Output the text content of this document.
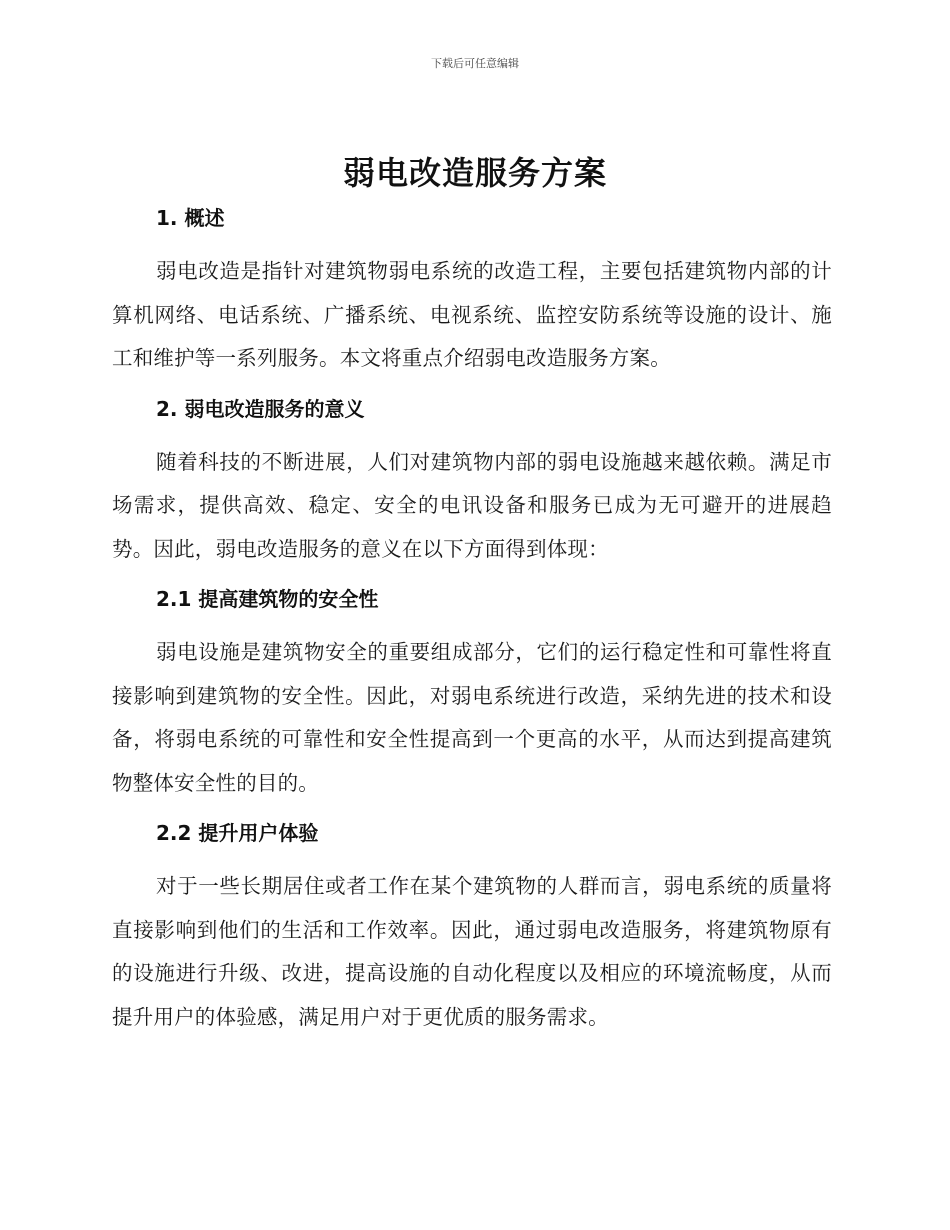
下载后可任意编辑
弱电改造服务方案
1. 概述

弱电改造是指针对建筑物弱电系统的改造工程，主要包括建筑物内部的计算机网络、电话系统、广播系统、电视系统、监控安防系统等设施的设计、施工和维护等一系列服务。本文将重点介绍弱电改造服务方案。

2. 弱电改造服务的意义

随着科技的不断进展，人们对建筑物内部的弱电设施越来越依赖。满足市场需求，提供高效、稳定、安全的电讯设备和服务已成为无可避开的进展趋势。因此，弱电改造服务的意义在以下方面得到体现：

2.1 提高建筑物的安全性

弱电设施是建筑物安全的重要组成部分，它们的运行稳定性和可靠性将直接影响到建筑物的安全性。因此，对弱电系统进行改造，采纳先进的技术和设备，将弱电系统的可靠性和安全性提高到一个更高的水平，从而达到提高建筑物整体安全性的目的。

2.2 提升用户体验

对于一些长期居住或者工作在某个建筑物的人群而言，弱电系统的质量将直接影响到他们的生活和工作效率。因此，通过弱电改造服务，将建筑物原有的设施进行升级、改进，提高设施的自动化程度以及相应的环境流畅度，从而提升用户的体验感，满足用户对于更优质的服务需求。
